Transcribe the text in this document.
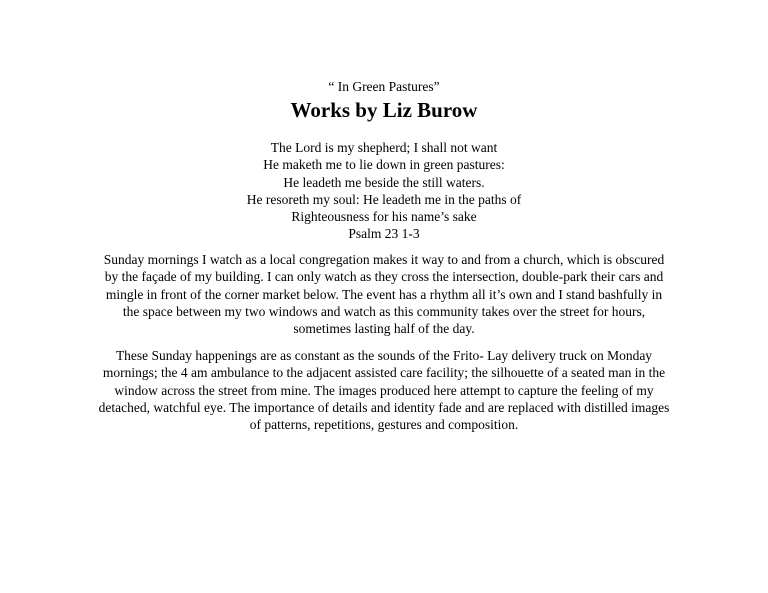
“ In Green Pastures”
Works by Liz Burow
The Lord is my shepherd; I shall not want
He maketh me to lie down in green pastures:
He leadeth me beside the still waters.
He resoreth my soul: He leadeth me in the paths of
Righteousness for his name’s sake
Psalm 23 1-3
Sunday mornings I watch as a local congregation makes it way to and from a church, which is obscured
by the façade of my building. I can only watch as they cross the intersection, double-park their cars and
mingle in front of the corner market below. The event has a rhythm all it’s own and I stand bashfully in
the space between my two windows and watch as this community takes over the street for hours,
sometimes lasting half of the day.
These Sunday happenings are as constant as the sounds of the Frito- Lay delivery truck on Monday
mornings; the 4 am ambulance to the adjacent assisted care facility; the silhouette of a seated man in the
window across the street from mine. The images produced here attempt to capture the feeling of my
detached, watchful eye. The importance of details and identity fade and are replaced with distilled images
of patterns, repetitions, gestures and composition.
